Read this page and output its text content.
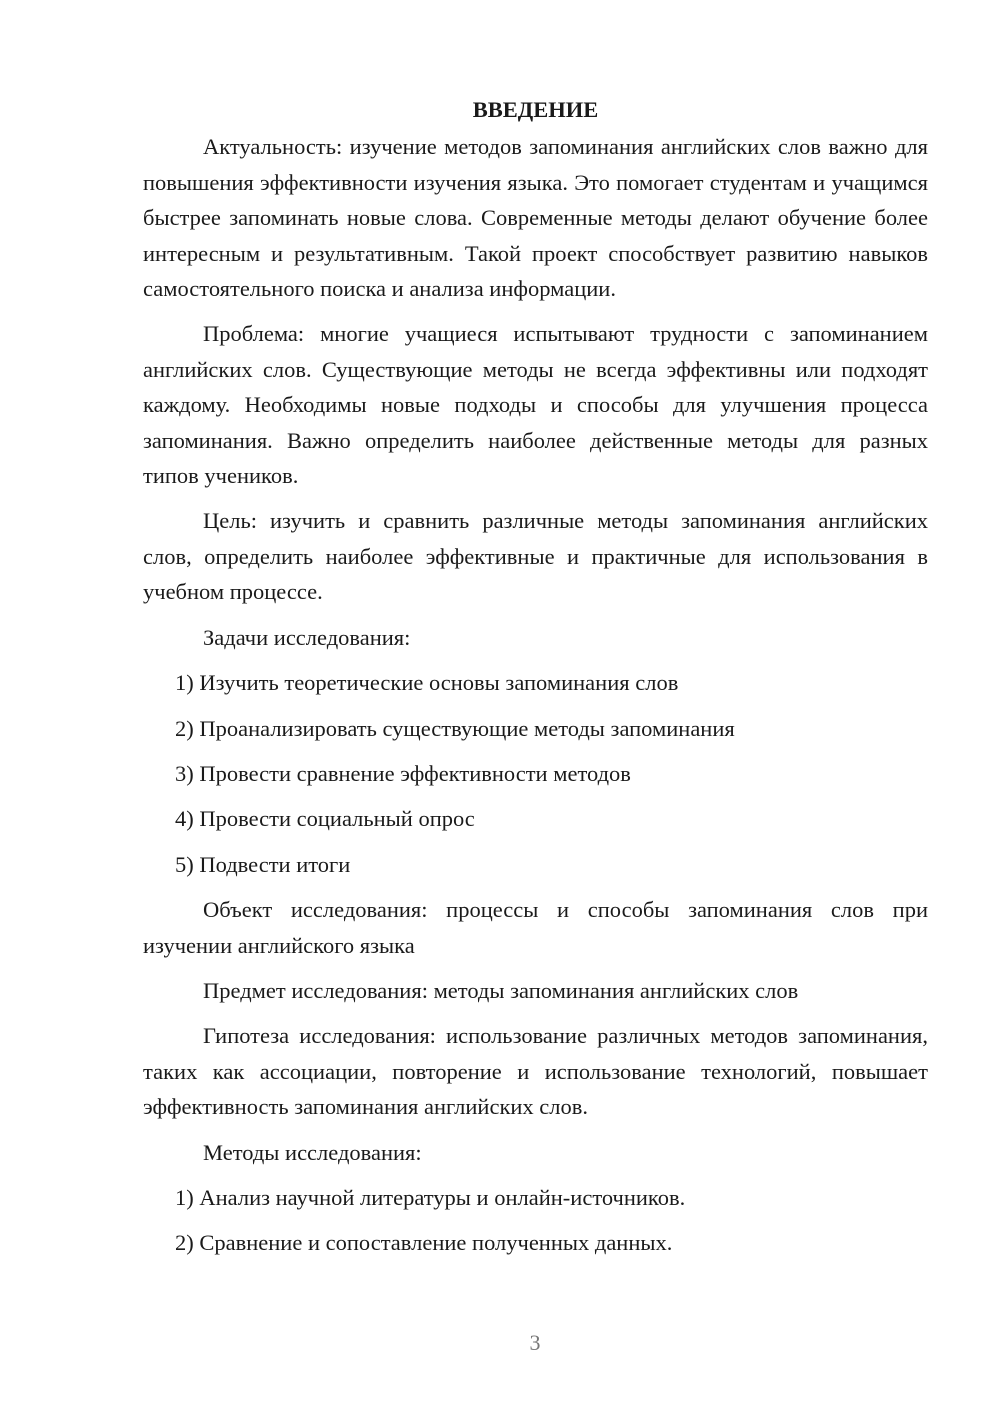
ВВЕДЕНИЕ

Актуальность: изучение методов запоминания английских слов важно для повышения эффективности изучения языка. Это помогает студентам и учащимся быстрее запоминать новые слова. Современные методы делают обучение более интересным и результативным. Такой проект способствует развитию навыков самостоятельного поиска и анализа информации.

Проблема: многие учащиеся испытывают трудности с запоминанием английских слов. Существующие методы не всегда эффективны или подходят каждому. Необходимы новые подходы и способы для улучшения процесса запоминания. Важно определить наиболее действенные методы для разных типов учеников.

Цель: изучить и сравнить различные методы запоминания английских слов, определить наиболее эффективные и практичные для использования в учебном процессе.

Задачи исследования:

1) Изучить теоретические основы запоминания слов

2) Проанализировать существующие методы запоминания

3) Провести сравнение эффективности методов

4) Провести социальный опрос

5) Подвести итоги

Объект исследования: процессы и способы запоминания слов при изучении английского языка

Предмет исследования: методы запоминания английских слов

Гипотеза исследования: использование различных методов запоминания, таких как ассоциации, повторение и использование технологий, повышает эффективность запоминания английских слов.

Методы исследования:

1) Анализ научной литературы и онлайн-источников.

2) Сравнение и сопоставление полученных данных.

3
